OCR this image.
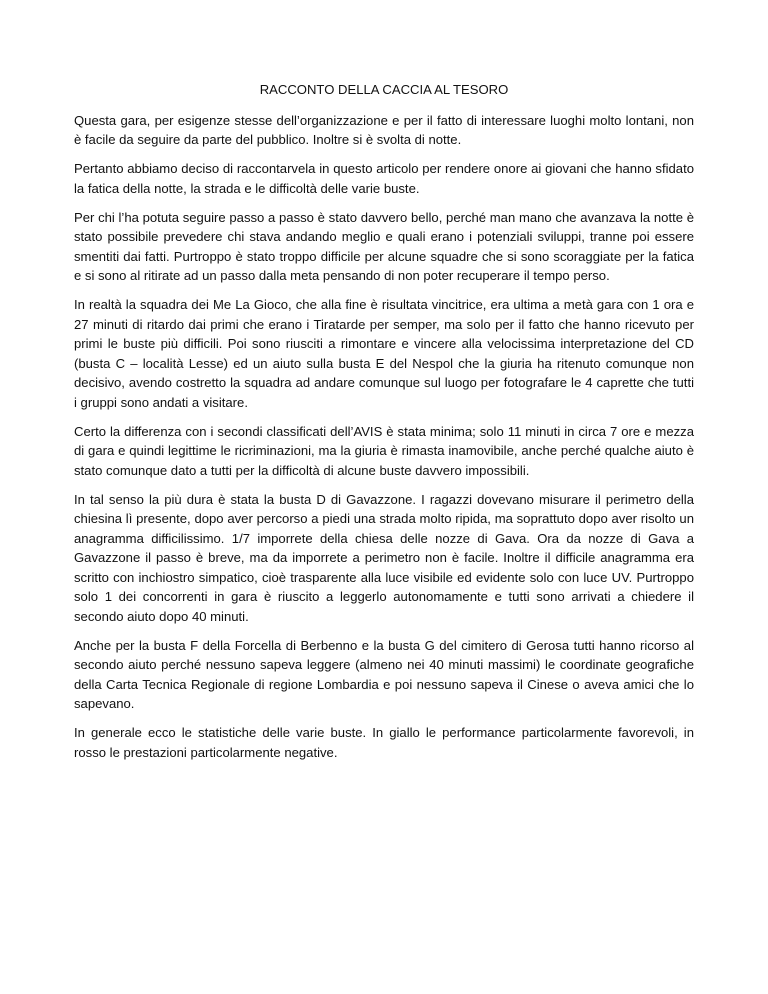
RACCONTO DELLA CACCIA AL TESORO

Questa gara, per esigenze stesse dell’organizzazione e per il fatto di interessare luoghi molto lontani, non è facile da seguire da parte del pubblico. Inoltre si è svolta di notte.

Pertanto abbiamo deciso di raccontarvela in questo articolo per rendere onore ai giovani che hanno sfidato la fatica della notte, la strada e le difficoltà delle varie buste.

Per chi l’ha potuta seguire passo a passo è stato davvero bello, perché man mano che avanzava la notte è stato possibile prevedere chi stava andando meglio e quali erano i potenziali sviluppi, tranne poi essere smentiti dai fatti. Purtroppo è stato troppo difficile per alcune squadre che si sono scoraggiate per la fatica e si sono al ritirate ad un passo dalla meta pensando di non poter recuperare il tempo perso.

In realtà la squadra dei Me La Gioco, che alla fine è risultata vincitrice, era ultima a metà gara con 1 ora e 27 minuti di ritardo dai primi che erano i Tiratarde per semper, ma solo per il fatto che hanno ricevuto per primi le buste più difficili. Poi sono riusciti a rimontare e vincere alla velocissima interpretazione del CD (busta C – località Lesse) ed un aiuto sulla busta E del Nespol che la giuria ha ritenuto comunque non decisivo, avendo costretto la squadra ad andare comunque sul luogo per fotografare le 4 caprette che tutti i gruppi sono andati a visitare.

Certo la differenza con i secondi classificati dell’AVIS è stata minima; solo 11 minuti in circa 7 ore e mezza di gara e quindi legittime le ricriminazioni, ma la giuria è rimasta inamovibile, anche perché qualche aiuto è stato comunque dato a tutti per la difficoltà di alcune buste davvero impossibili.

In tal senso la più dura è stata la busta D di Gavazzone. I ragazzi dovevano misurare il perimetro della chiesina lì presente, dopo aver percorso a piedi una strada molto ripida, ma soprattuto dopo aver risolto un anagramma difficilissimo. 1/7 imporrete della chiesa delle nozze di Gava. Ora da nozze di Gava a Gavazzone il passo è breve, ma da imporrete a perimetro non è facile. Inoltre il difficile anagramma era scritto con inchiostro simpatico, cioè trasparente alla luce visibile ed evidente solo con luce UV. Purtroppo solo 1 dei concorrenti in gara è riuscito a leggerlo autonomamente e tutti sono arrivati a chiedere il secondo aiuto dopo 40 minuti.

Anche per la busta F della Forcella di Berbenno e la busta G del cimitero di Gerosa tutti hanno ricorso al secondo aiuto perché nessuno sapeva leggere (almeno nei 40 minuti massimi) le coordinate geografiche della Carta Tecnica Regionale di regione Lombardia e poi nessuno sapeva il Cinese o aveva amici che lo sapevano.

In generale ecco le statistiche delle varie buste. In giallo le performance particolarmente favorevoli, in rosso le prestazioni particolarmente negative.
